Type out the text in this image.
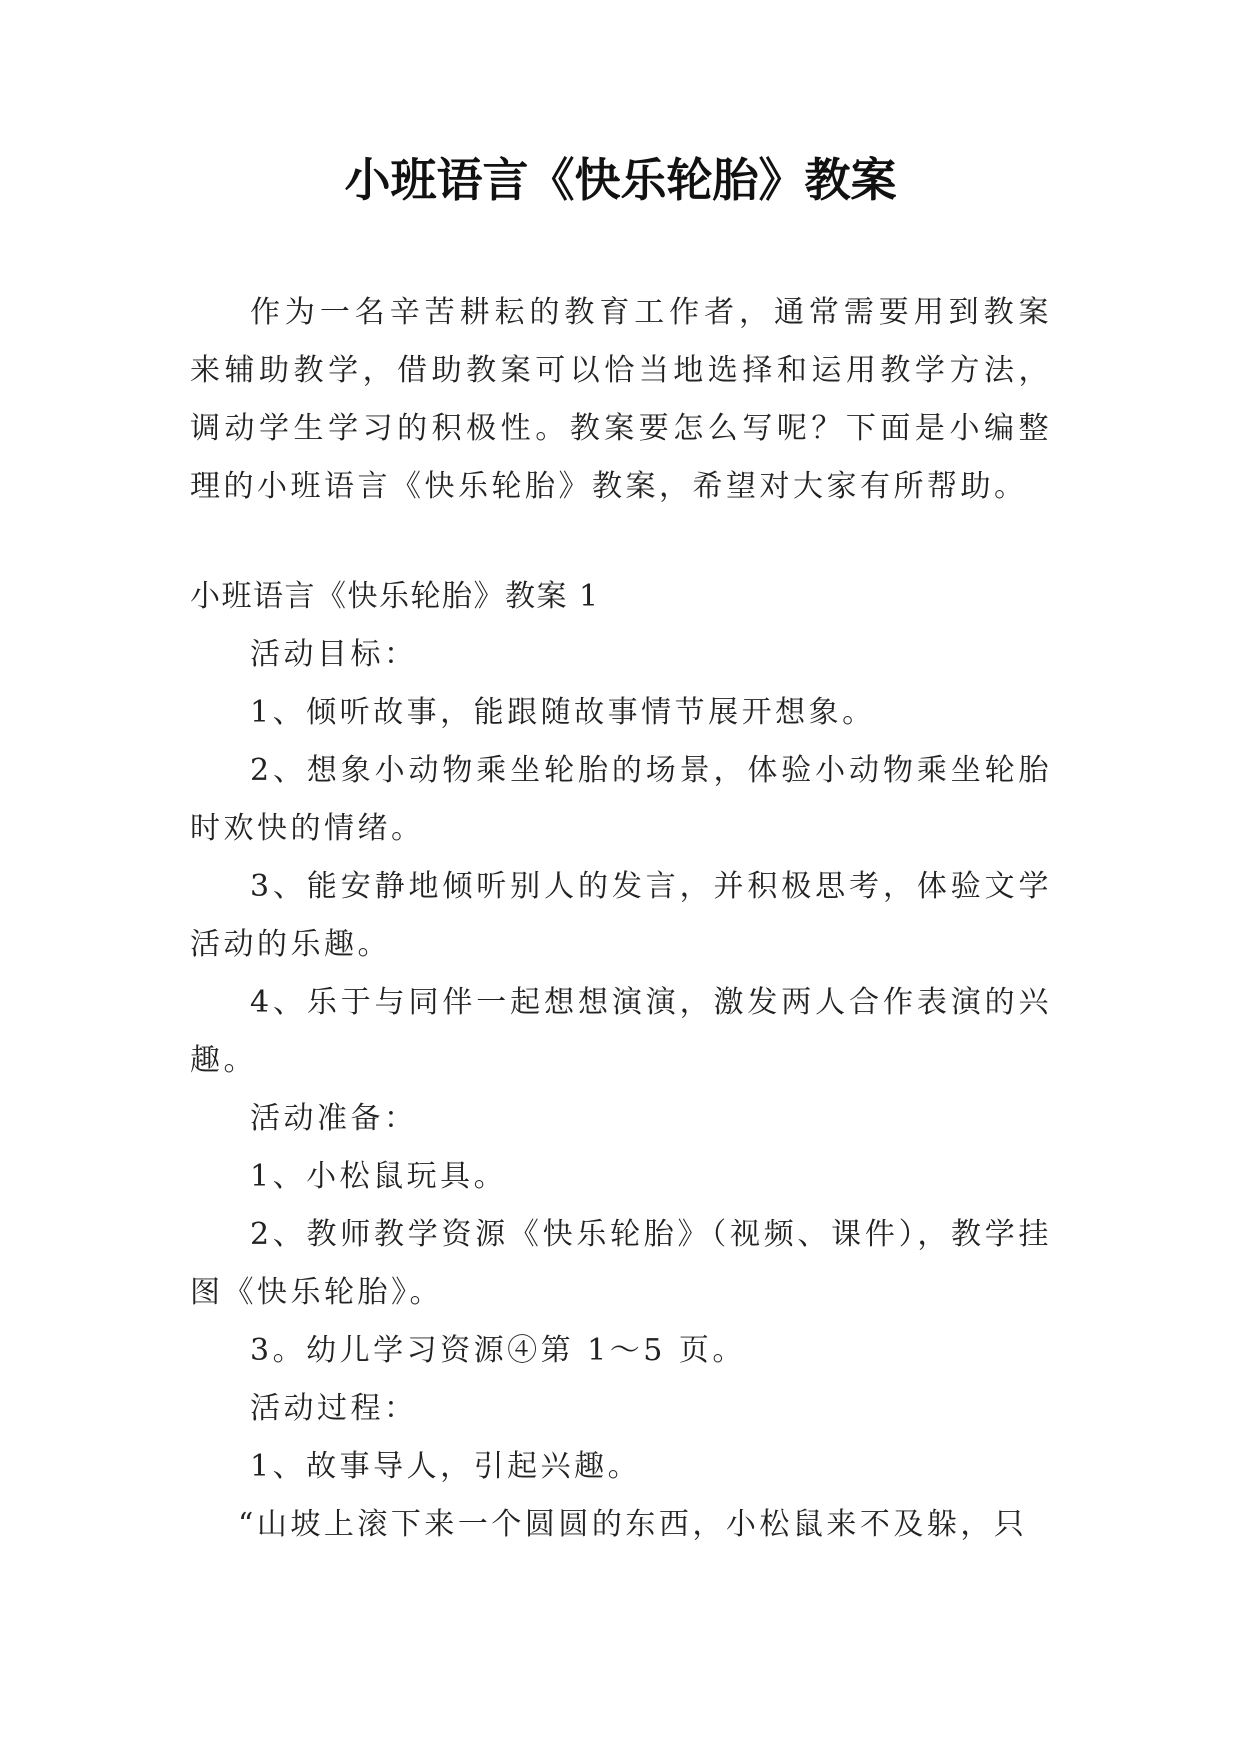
小班语言《快乐轮胎》教案

作为一名辛苦耕耘的教育工作者，通常需要用到教案来辅助教学，借助教案可以恰当地选择和运用教学方法，调动学生学习的积极性。教案要怎么写呢？下面是小编整理的小班语言《快乐轮胎》教案，希望对大家有所帮助。

小班语言《快乐轮胎》教案 1

活动目标：

1、倾听故事，能跟随故事情节展开想象。

2、想象小动物乘坐轮胎的场景，体验小动物乘坐轮胎时欢快的情绪。

3、能安静地倾听别人的发言，并积极思考，体验文学活动的乐趣。

4、乐于与同伴一起想想演演，激发两人合作表演的兴趣。

活动准备：

1、小松鼠玩具。

2、教师教学资源《快乐轮胎》（视频、课件），教学挂图《快乐轮胎》。

3。幼儿学习资源④第 1～5 页。

活动过程：

1、故事导人，引起兴趣。

“山坡上滚下来一个圆圆的东西，小松鼠来不及躲，只
